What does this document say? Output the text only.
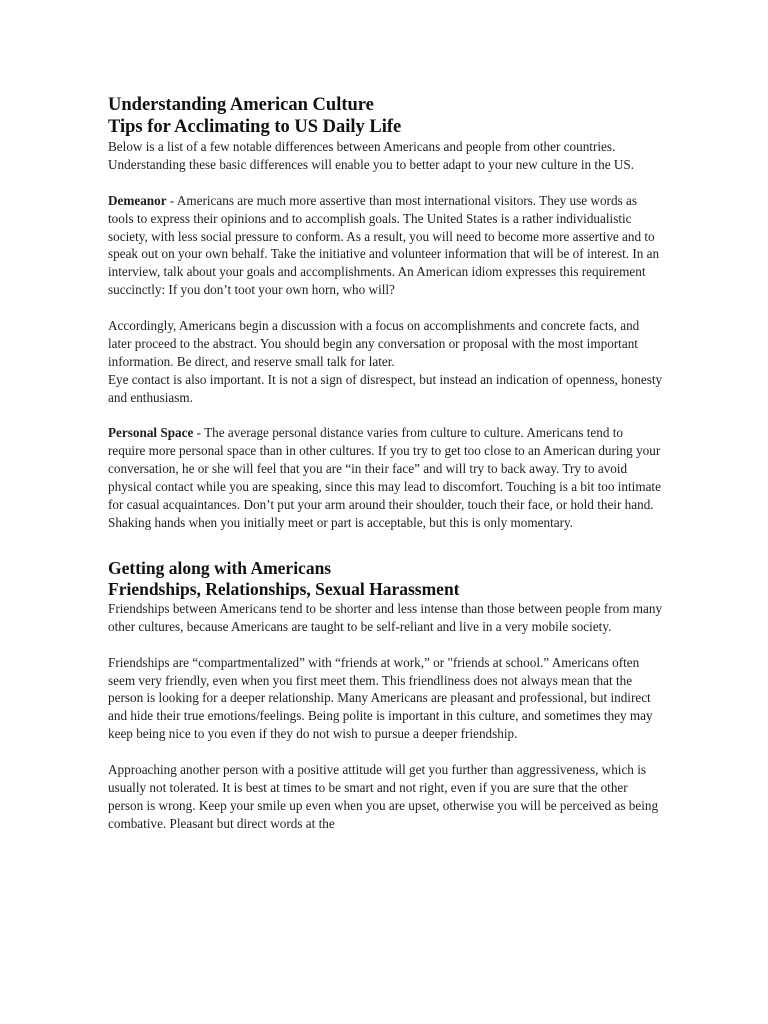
Understanding American Culture
Tips for Acclimating to US Daily Life

Below is a list of a few notable differences between Americans and people from other countries. Understanding these basic differences will enable you to better adapt to your new culture in the US.

Demeanor - Americans are much more assertive than most international visitors. They use words as tools to express their opinions and to accomplish goals. The United States is a rather individualistic society, with less social pressure to conform. As a result, you will need to become more assertive and to speak out on your own behalf. Take the initiative and volunteer information that will be of interest. In an interview, talk about your goals and accomplishments. An American idiom expresses this requirement succinctly: If you don’t toot your own horn, who will?

Accordingly, Americans begin a discussion with a focus on accomplishments and concrete facts, and later proceed to the abstract. You should begin any conversation or proposal with the most important information. Be direct, and reserve small talk for later.

Eye contact is also important. It is not a sign of disrespect, but instead an indication of openness, honesty and enthusiasm.

Personal Space - The average personal distance varies from culture to culture. Americans tend to require more personal space than in other cultures. If you try to get too close to an American during your conversation, he or she will feel that you are “in their face” and will try to back away. Try to avoid physical contact while you are speaking, since this may lead to discomfort. Touching is a bit too intimate for casual acquaintances. Don’t put your arm around their shoulder, touch their face, or hold their hand. Shaking hands when you initially meet or part is acceptable, but this is only momentary.

Getting along with Americans
Friendships, Relationships, Sexual Harassment

Friendships between Americans tend to be shorter and less intense than those between people from many other cultures, because Americans are taught to be self-reliant and live in a very mobile society.

Friendships are “compartmentalized” with “friends at work,” or "friends at school.” Americans often seem very friendly, even when you first meet them. This friendliness does not always mean that the person is looking for a deeper relationship. Many Americans are pleasant and professional, but indirect and hide their true emotions/feelings. Being polite is important in this culture, and sometimes they may keep being nice to you even if they do not wish to pursue a deeper friendship.

Approaching another person with a positive attitude will get you further than aggressiveness, which is usually not tolerated. It is best at times to be smart and not right, even if you are sure that the other person is wrong. Keep your smile up even when you are upset, otherwise you will be perceived as being combative. Pleasant but direct words at the
